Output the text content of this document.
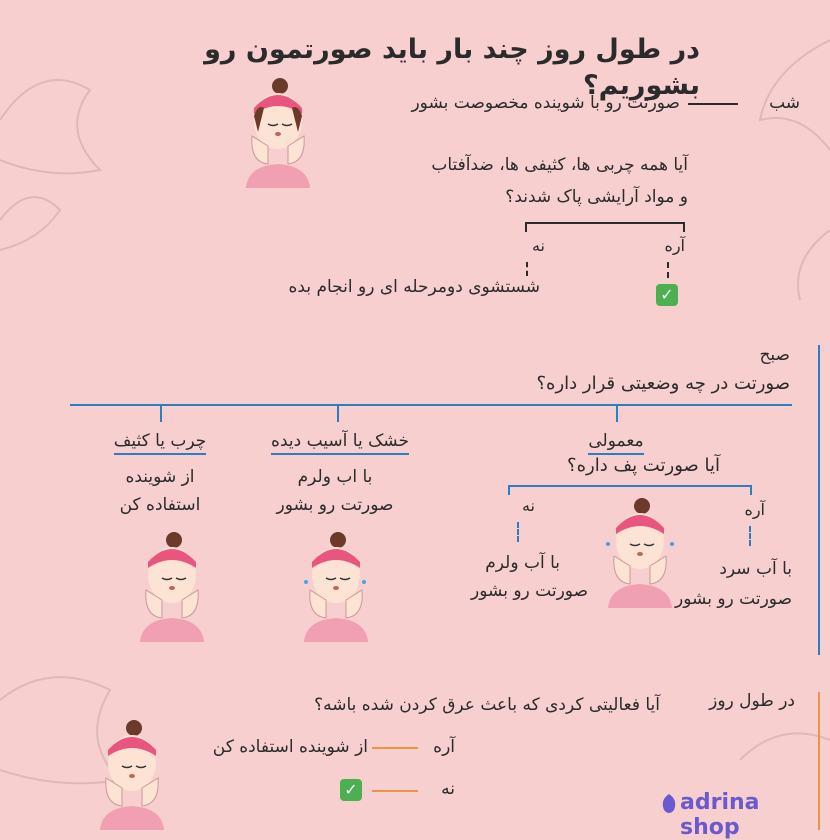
در طول روز چند بار باید صورتمون رو بشوریم؟
شب
صورتت رو با شوینده مخصوصت بشور
آیا همه چربی ها، کثیفی ها، ضدآفتاب
و مواد آرایشی پاک شدند؟
آره
نه
✓
شستشوی دومرحله ای رو انجام بده
صبح
صورتت در چه وضعیتی قرار داره؟
چرب یا کثیف
از شوینده
استفاده کن
خشک یا آسیب دیده
با اب ولرم
صورتت رو بشور
معمولی
آیا صورتت پف داره؟
آره
نه
با آب سرد
صورتت رو بشور
با آب ولرم
صورتت رو بشور
در طول روز
آیا فعالیتی کردی که باعث عرق کردن شده باشه؟
آره
از شوینده استفاده کن
نه
✓
adrina shop
